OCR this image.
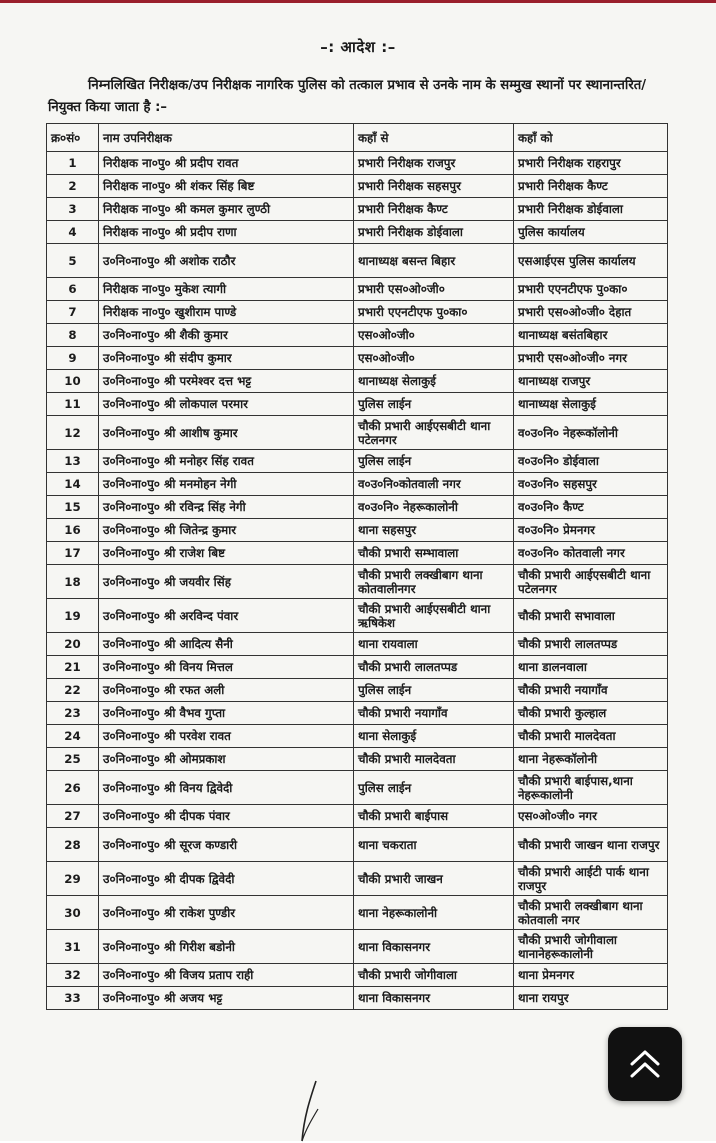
–: आदेश :–
निम्नलिखित निरीक्षक/उप निरीक्षक नागरिक पुलिस को तत्काल प्रभाव से उनके नाम के सम्मुख स्थानों पर स्थानान्तरित/नियुक्त किया जाता है :–
क्र०सं०	नाम उपनिरीक्षक	कहाँ से	कहाँ को
1	निरीक्षक ना०पु० श्री प्रदीप रावत	प्रभारी निरीक्षक राजपुर	प्रभारी निरीक्षक राहरापुर
2	निरीक्षक ना०पु० श्री शंकर सिंह बिष्ट	प्रभारी निरीक्षक सहसपुर	प्रभारी निरीक्षक कैण्ट
3	निरीक्षक ना०पु० श्री कमल कुमार लुण्ठी	प्रभारी निरीक्षक कैण्ट	प्रभारी निरीक्षक डोईवाला
4	निरीक्षक ना०पु० श्री प्रदीप राणा	प्रभारी निरीक्षक डोईवाला	पुलिस कार्यालय
5	उ०नि०ना०पु० श्री अशोक राठौर	थानाध्यक्ष बसन्त बिहार	एसआईएस पुलिस कार्यालय
6	निरीक्षक ना०पु० मुकेश त्यागी	प्रभारी एस०ओ०जी०	प्रभारी एएनटीएफ पु०का०
7	निरीक्षक ना०पु० खुशीराम पाण्डे	प्रभारी एएनटीएफ पु०का०	प्रभारी एस०ओ०जी० देहात
8	उ०नि०ना०पु० श्री शैकी कुमार	एस०ओ०जी०	थानाध्यक्ष बसंतबिहार
9	उ०नि०ना०पु० श्री संदीप कुमार	एस०ओ०जी०	प्रभारी एस०ओ०जी० नगर
10	उ०नि०ना०पु० श्री परमेश्वर दत्त भट्ट	थानाध्यक्ष सेलाकुई	थानाध्यक्ष राजपुर
11	उ०नि०ना०पु० श्री लोकपाल परमार	पुलिस लाईन	थानाध्यक्ष सेलाकुई
12	उ०नि०ना०पु० श्री आशीष कुमार	चौकी प्रभारी आईएसबीटी थाना पटेलनगर	व०उ०नि० नेहरूकॉलोनी
13	उ०नि०ना०पु० श्री मनोहर सिंह रावत	पुलिस लाईन	व०उ०नि० डोईवाला
14	उ०नि०ना०पु० श्री मनमोहन नेगी	व०उ०नि०कोतवाली नगर	व०उ०नि० सहसपुर
15	उ०नि०ना०पु० श्री रविन्द्र सिंह नेगी	व०उ०नि० नेहरूकालोनी	व०उ०नि० कैण्ट
16	उ०नि०ना०पु० श्री जितेन्द्र कुमार	थाना सहसपुर	व०उ०नि० प्रेमनगर
17	उ०नि०ना०पु० श्री राजेश बिष्ट	चौकी प्रभारी सम्भावाला	व०उ०नि० कोतवाली नगर
18	उ०नि०ना०पु० श्री जयवीर सिंह	चौकी प्रभारी लक्खीबाग थाना कोतवालीनगर	चौकी प्रभारी आईएसबीटी थाना पटेलनगर
19	उ०नि०ना०पु० श्री अरविन्द पंवार	चौकी प्रभारी आईएसबीटी थाना ऋषिकेश	चौकी प्रभारी सभावाला
20	उ०नि०ना०पु० श्री आदित्य सैनी	थाना रायवाला	चौकी प्रभारी लालतप्पड
21	उ०नि०ना०पु० श्री विनय मित्तल	चौकी प्रभारी लालतप्पड	थाना डालनवाला
22	उ०नि०ना०पु० श्री रफत अली	पुलिस लाईन	चौकी प्रभारी नयागाँव
23	उ०नि०ना०पु० श्री वैभव गुप्ता	चौकी प्रभारी नयागाँव	चौकी प्रभारी कुल्हाल
24	उ०नि०ना०पु० श्री परवेश रावत	थाना सेलाकुई	चौकी प्रभारी मालदेवता
25	उ०नि०ना०पु० श्री ओमप्रकाश	चौकी प्रभारी मालदेवता	थाना नेहरूकॉलोनी
26	उ०नि०ना०पु० श्री विनय द्विवेदी	पुलिस लाईन	चौकी प्रभारी बाईपास,थाना नेहरूकालोनी
27	उ०नि०ना०पु० श्री दीपक पंवार	चौकी प्रभारी बाईपास	एस०ओ०जी० नगर
28	उ०नि०ना०पु० श्री सूरज कण्डारी	थाना चकराता	चौकी प्रभारी जाखन थाना राजपुर
29	उ०नि०ना०पु० श्री दीपक द्विवेदी	चौकी प्रभारी जाखन	चौकी प्रभारी आईटी पार्क थाना राजपुर
30	उ०नि०ना०पु० श्री राकेश पुण्डीर	थाना नेहरूकालोनी	चौकी प्रभारी लक्खीबाग थाना कोतवाली नगर
31	उ०नि०ना०पु० श्री गिरीश बडोनी	थाना विकासनगर	चौकी प्रभारी जोगीवाला थानानेहरूकालोनी
32	उ०नि०ना०पु० श्री विजय प्रताप राही	चौकी प्रभारी जोगीवाला	थाना प्रेमनगर
33	उ०नि०ना०पु० श्री अजय भट्ट	थाना विकासनगर	थाना रायपुर
